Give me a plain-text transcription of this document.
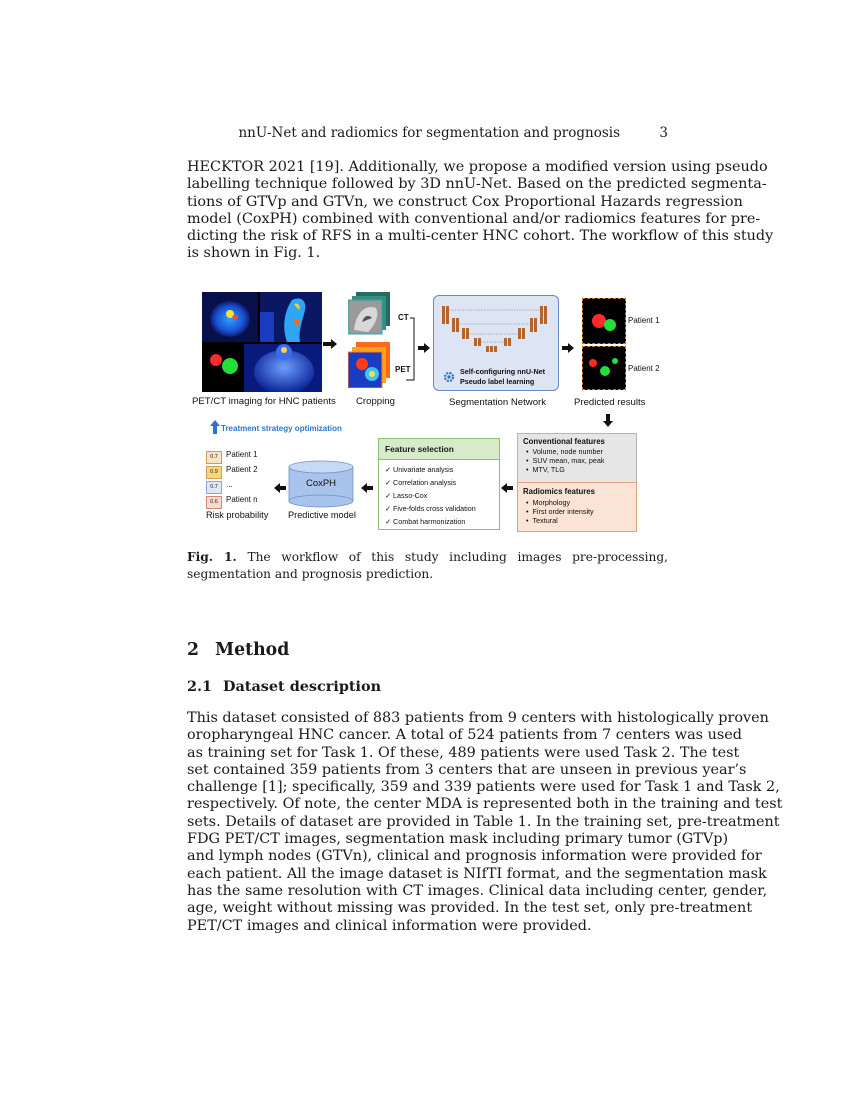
nnU-Net and radiomics for segmentation and prognosis	3

HECKTOR 2021 [19]. Additionally, we propose a modified version using pseudo
labelling technique followed by 3D nnU-Net. Based on the predicted segmenta-
tions of GTVp and GTVn, we construct Cox Proportional Hazards regression
model (CoxPH) combined with conventional and/or radiomics features for pre-
dicting the risk of RFS in a multi-center HNC cohort. The workflow of this study
is shown in Fig. 1.

PET/CT imaging for HNC patients
CT
PET
Cropping
Self-configuring nnU-Net
Pseudo label learning
Segmentation Network
Patient 1
Patient 2
Predicted results
Treatment strategy optimization
0.7	Patient 1
0.9	Patient 2
0.7	...
0.6	Patient n
Risk probability
CoxPH
Predictive model
Feature selection
✓ Univariate analysis
✓ Correlation analysis
✓ Lasso-Cox
✓ Five-folds cross validation
✓ Combat harmonization
Conventional features
•  Volume, node number
•  SUV mean, max, peak
•  MTV, TLG
Radiomics features
•  Morphology
•  First order intensity
•  Textural

Fig. 1. The workflow of this study including images pre-processing, segmentation and prognosis prediction.

2 Method
2.1 Dataset description

This dataset consisted of 883 patients from 9 centers with histologically proven
oropharyngeal HNC cancer. A total of 524 patients from 7 centers was used
as training set for Task 1. Of these, 489 patients were used Task 2. The test
set contained 359 patients from 3 centers that are unseen in previous year’s
challenge [1]; specifically, 359 and 339 patients were used for Task 1 and Task 2,
respectively. Of note, the center MDA is represented both in the training and test
sets. Details of dataset are provided in Table 1. In the training set, pre-treatment
FDG PET/CT images, segmentation mask including primary tumor (GTVp)
and lymph nodes (GTVn), clinical and prognosis information were provided for
each patient. All the image dataset is NIfTI format, and the segmentation mask
has the same resolution with CT images. Clinical data including center, gender,
age, weight without missing was provided. In the test set, only pre-treatment
PET/CT images and clinical information were provided.
